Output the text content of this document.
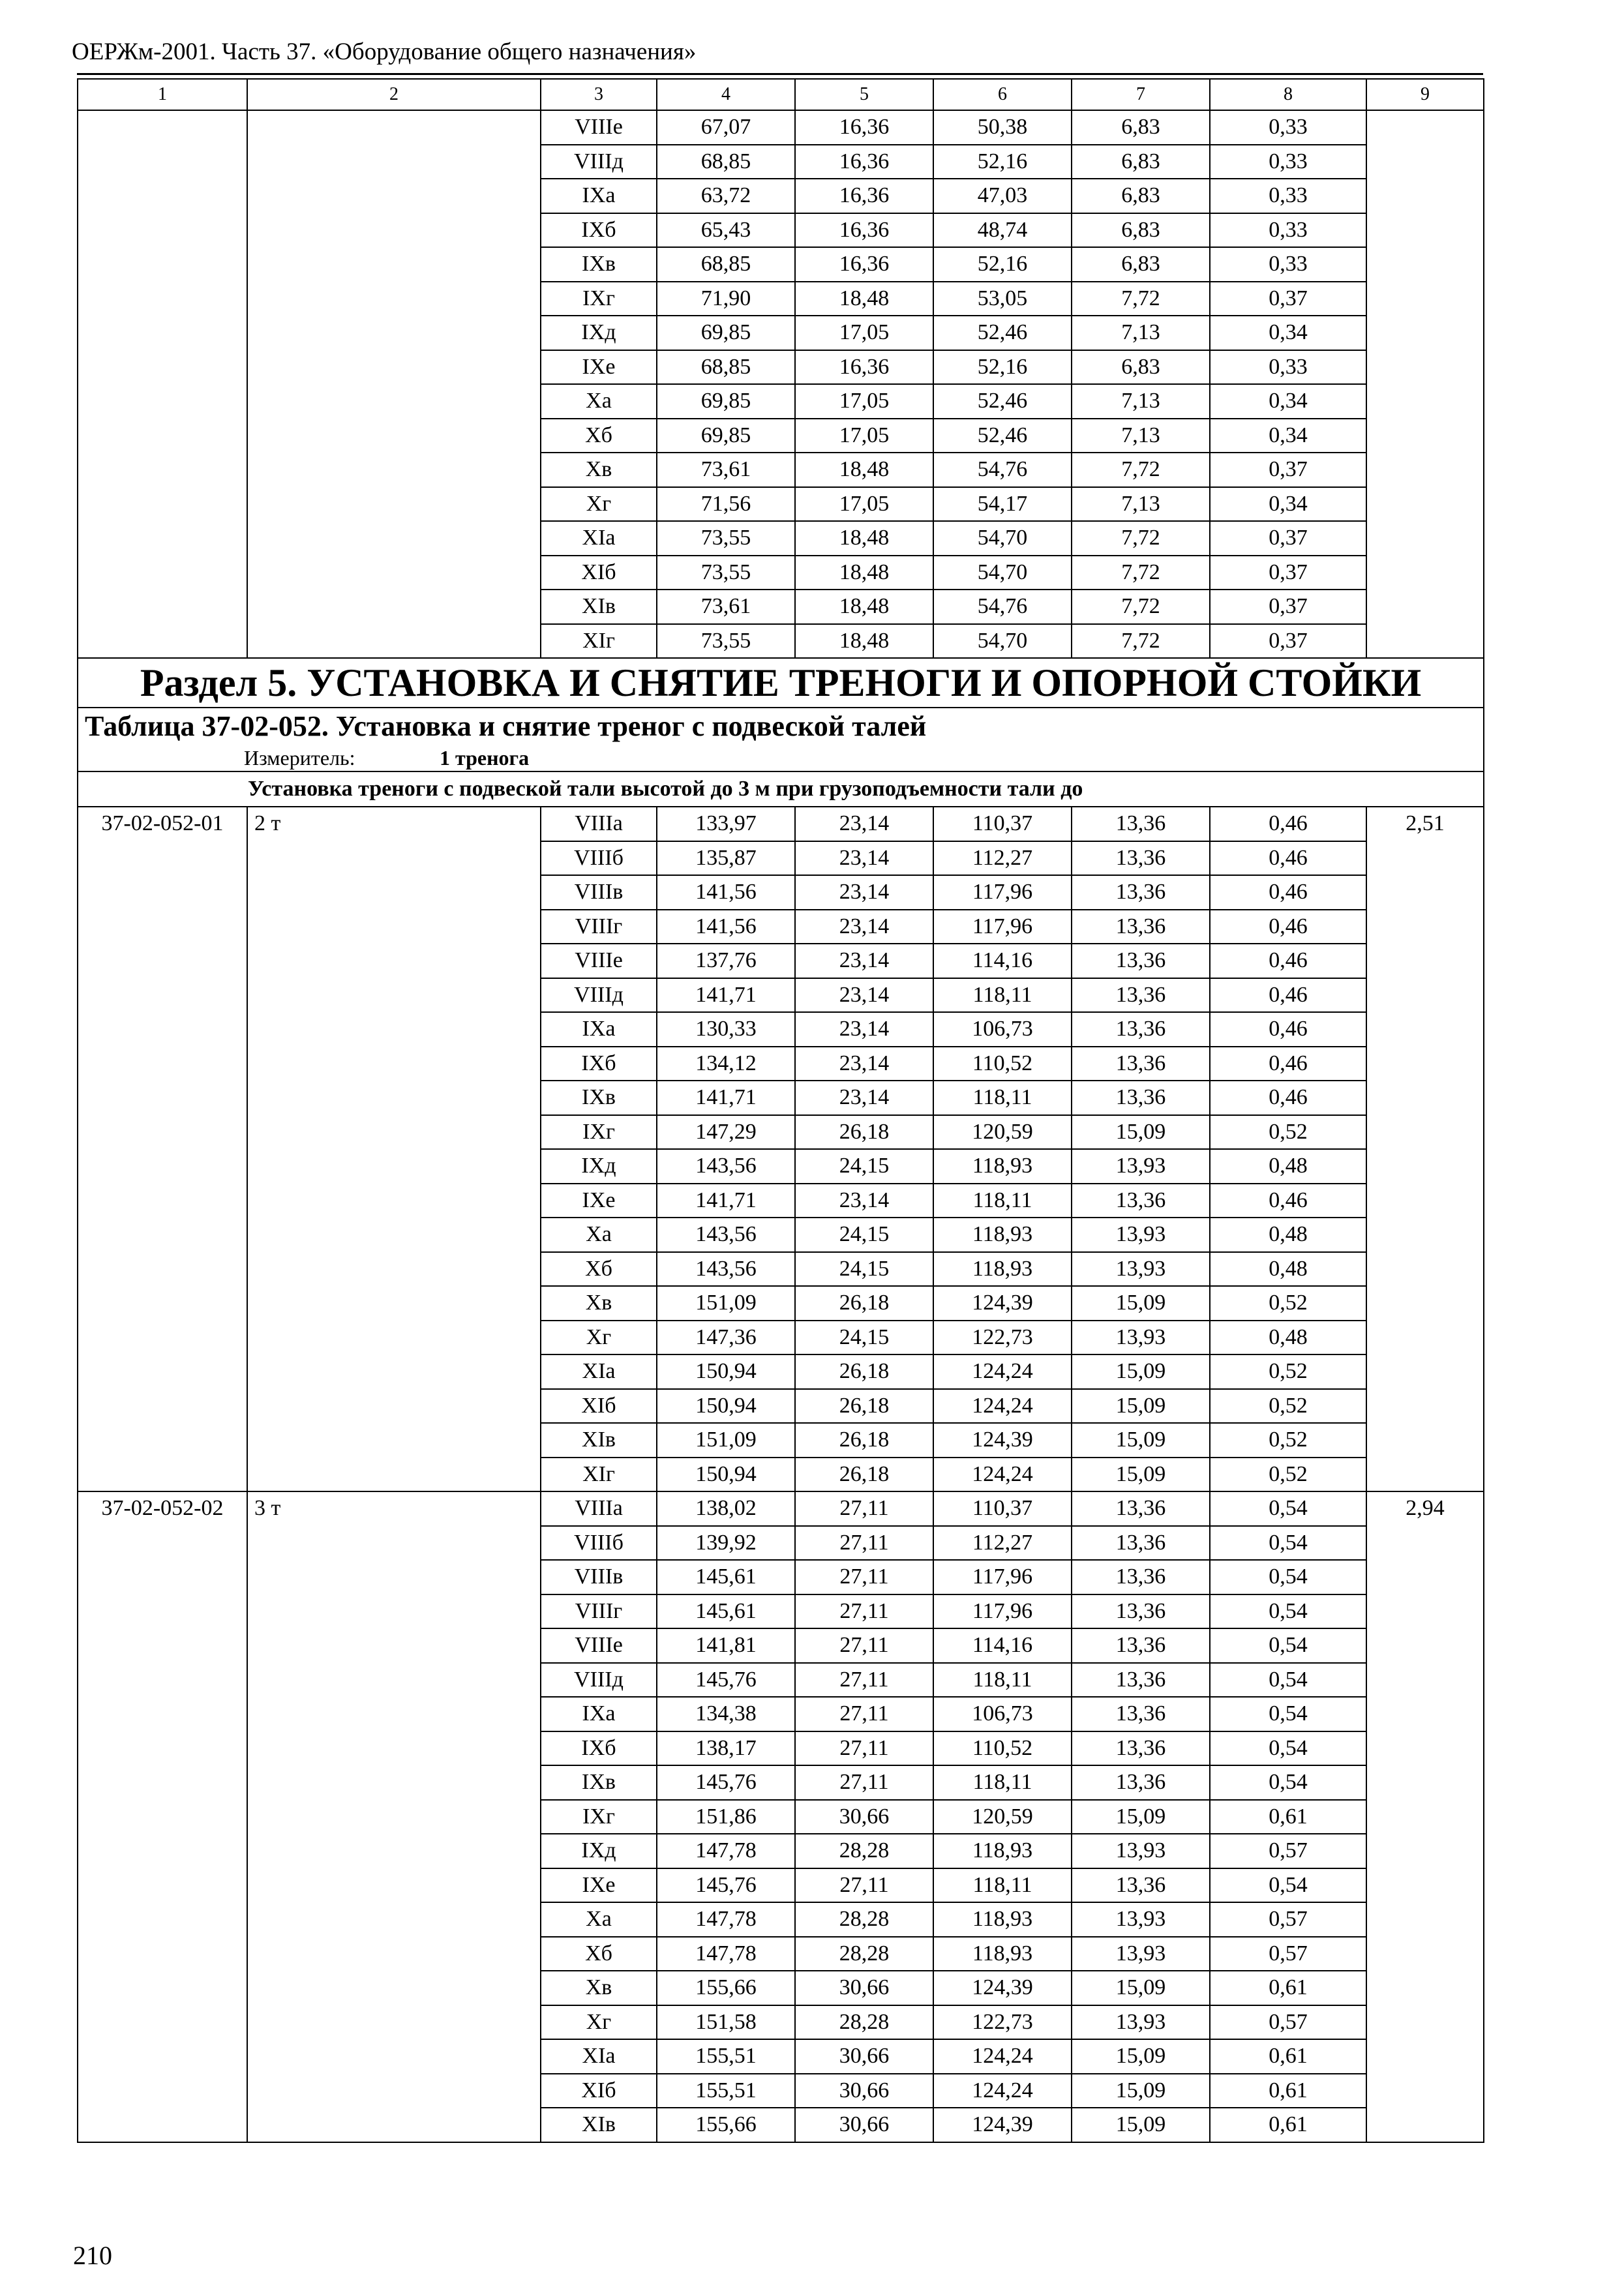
ОЕРЖм-2001. Часть 37. «Оборудование общего назначения»
1	2	3	4	5	6	7	8	9
		VIIIе	67,07	16,36	50,38	6,83	0,33	
		VIIIд	68,85	16,36	52,16	6,83	0,33	
		IXа	63,72	16,36	47,03	6,83	0,33	
		IXб	65,43	16,36	48,74	6,83	0,33	
		IXв	68,85	16,36	52,16	6,83	0,33	
		IXг	71,90	18,48	53,05	7,72	0,37	
		IXд	69,85	17,05	52,46	7,13	0,34	
		IXе	68,85	16,36	52,16	6,83	0,33	
		Xа	69,85	17,05	52,46	7,13	0,34	
		Xб	69,85	17,05	52,46	7,13	0,34	
		Xв	73,61	18,48	54,76	7,72	0,37	
		Xг	71,56	17,05	54,17	7,13	0,34	
		XIа	73,55	18,48	54,70	7,72	0,37	
		XIб	73,55	18,48	54,70	7,72	0,37	
		XIв	73,61	18,48	54,76	7,72	0,37	
		XIг	73,55	18,48	54,70	7,72	0,37	
Раздел 5. УСТАНОВКА И СНЯТИЕ ТРЕНОГИ И ОПОРНОЙ СТОЙКИ								
Таблица 37-02-052. Установка и снятие треног с подвеской талей								
Измеритель: 1 тренога								
Установка треноги с подвеской тали высотой до 3 м при грузоподъемности тали до								
37-02-052-01	2 т	VIIIа	133,97	23,14	110,37	13,36	0,46	2,51
		VIIIб	135,87	23,14	112,27	13,36	0,46	
		VIIIв	141,56	23,14	117,96	13,36	0,46	
		VIIIг	141,56	23,14	117,96	13,36	0,46	
		VIIIе	137,76	23,14	114,16	13,36	0,46	
		VIIIд	141,71	23,14	118,11	13,36	0,46	
		IXа	130,33	23,14	106,73	13,36	0,46	
		IXб	134,12	23,14	110,52	13,36	0,46	
		IXв	141,71	23,14	118,11	13,36	0,46	
		IXг	147,29	26,18	120,59	15,09	0,52	
		IXд	143,56	24,15	118,93	13,93	0,48	
		IXе	141,71	23,14	118,11	13,36	0,46	
		Xа	143,56	24,15	118,93	13,93	0,48	
		Xб	143,56	24,15	118,93	13,93	0,48	
		Xв	151,09	26,18	124,39	15,09	0,52	
		Xг	147,36	24,15	122,73	13,93	0,48	
		XIа	150,94	26,18	124,24	15,09	0,52	
		XIб	150,94	26,18	124,24	15,09	0,52	
		XIв	151,09	26,18	124,39	15,09	0,52	
		XIг	150,94	26,18	124,24	15,09	0,52	
37-02-052-02	3 т	VIIIа	138,02	27,11	110,37	13,36	0,54	2,94
		VIIIб	139,92	27,11	112,27	13,36	0,54	
		VIIIв	145,61	27,11	117,96	13,36	0,54	
		VIIIг	145,61	27,11	117,96	13,36	0,54	
		VIIIе	141,81	27,11	114,16	13,36	0,54	
		VIIIд	145,76	27,11	118,11	13,36	0,54	
		IXа	134,38	27,11	106,73	13,36	0,54	
		IXб	138,17	27,11	110,52	13,36	0,54	
		IXв	145,76	27,11	118,11	13,36	0,54	
		IXг	151,86	30,66	120,59	15,09	0,61	
		IXд	147,78	28,28	118,93	13,93	0,57	
		IXе	145,76	27,11	118,11	13,36	0,54	
		Xа	147,78	28,28	118,93	13,93	0,57	
		Xб	147,78	28,28	118,93	13,93	0,57	
		Xв	155,66	30,66	124,39	15,09	0,61	
		Xг	151,58	28,28	122,73	13,93	0,57	
		XIа	155,51	30,66	124,24	15,09	0,61	
		XIб	155,51	30,66	124,24	15,09	0,61	
		XIв	155,66	30,66	124,39	15,09	0,61	
210
